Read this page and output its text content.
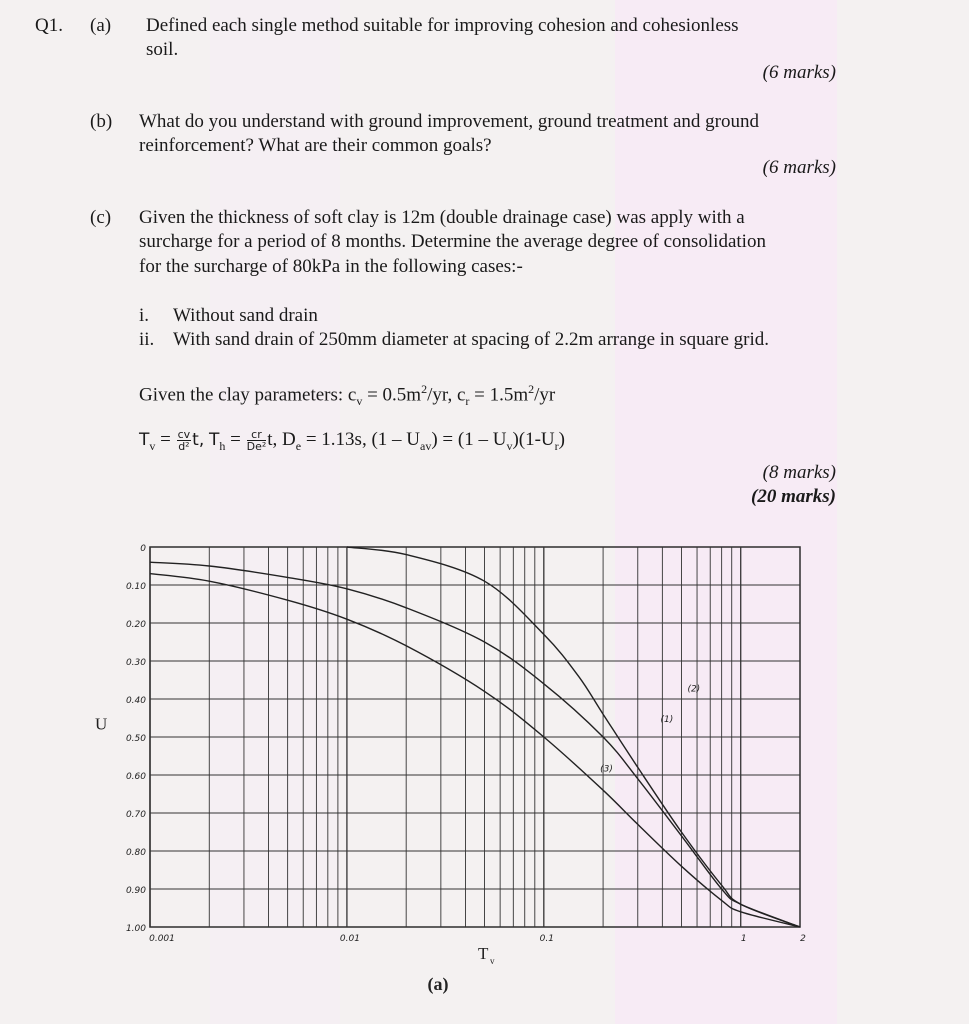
Q1. (a) Defined each single method suitable for improving cohesion and cohesionless
soil.
(6 marks)
(b) What do you understand with ground improvement, ground treatment and ground
reinforcement? What are their common goals?
(6 marks)
(c) Given the thickness of soft clay is 12m (double drainage case) was apply with a
surcharge for a period of 8 months. Determine the average degree of consolidation
for the surcharge of 80kPa in the following cases:-
i. Without sand drain
ii. With sand drain of 250mm diameter at spacing of 2.2m arrange in square grid.
Given the clay parameters: $c_v = 0.5m^2/yr$, $c_r = 1.5m^2/yr$
$T_v = \frac{cv}{\text{d²}} t$, $T_h = \frac{cr}{\text{De²}} t$, $D_e = 1.13s$, $(1 - U_{av}) = (1 - U_v)(1-U_r)$
(8 marks)
(20 marks)
0
0.10
0.20
0.30
0.40
0.50
0.60
0.70
0.80
0.90
1.00
0.001	0.01	0.1	1	2
(1)
(2)
(3)
U
T v
(a)
